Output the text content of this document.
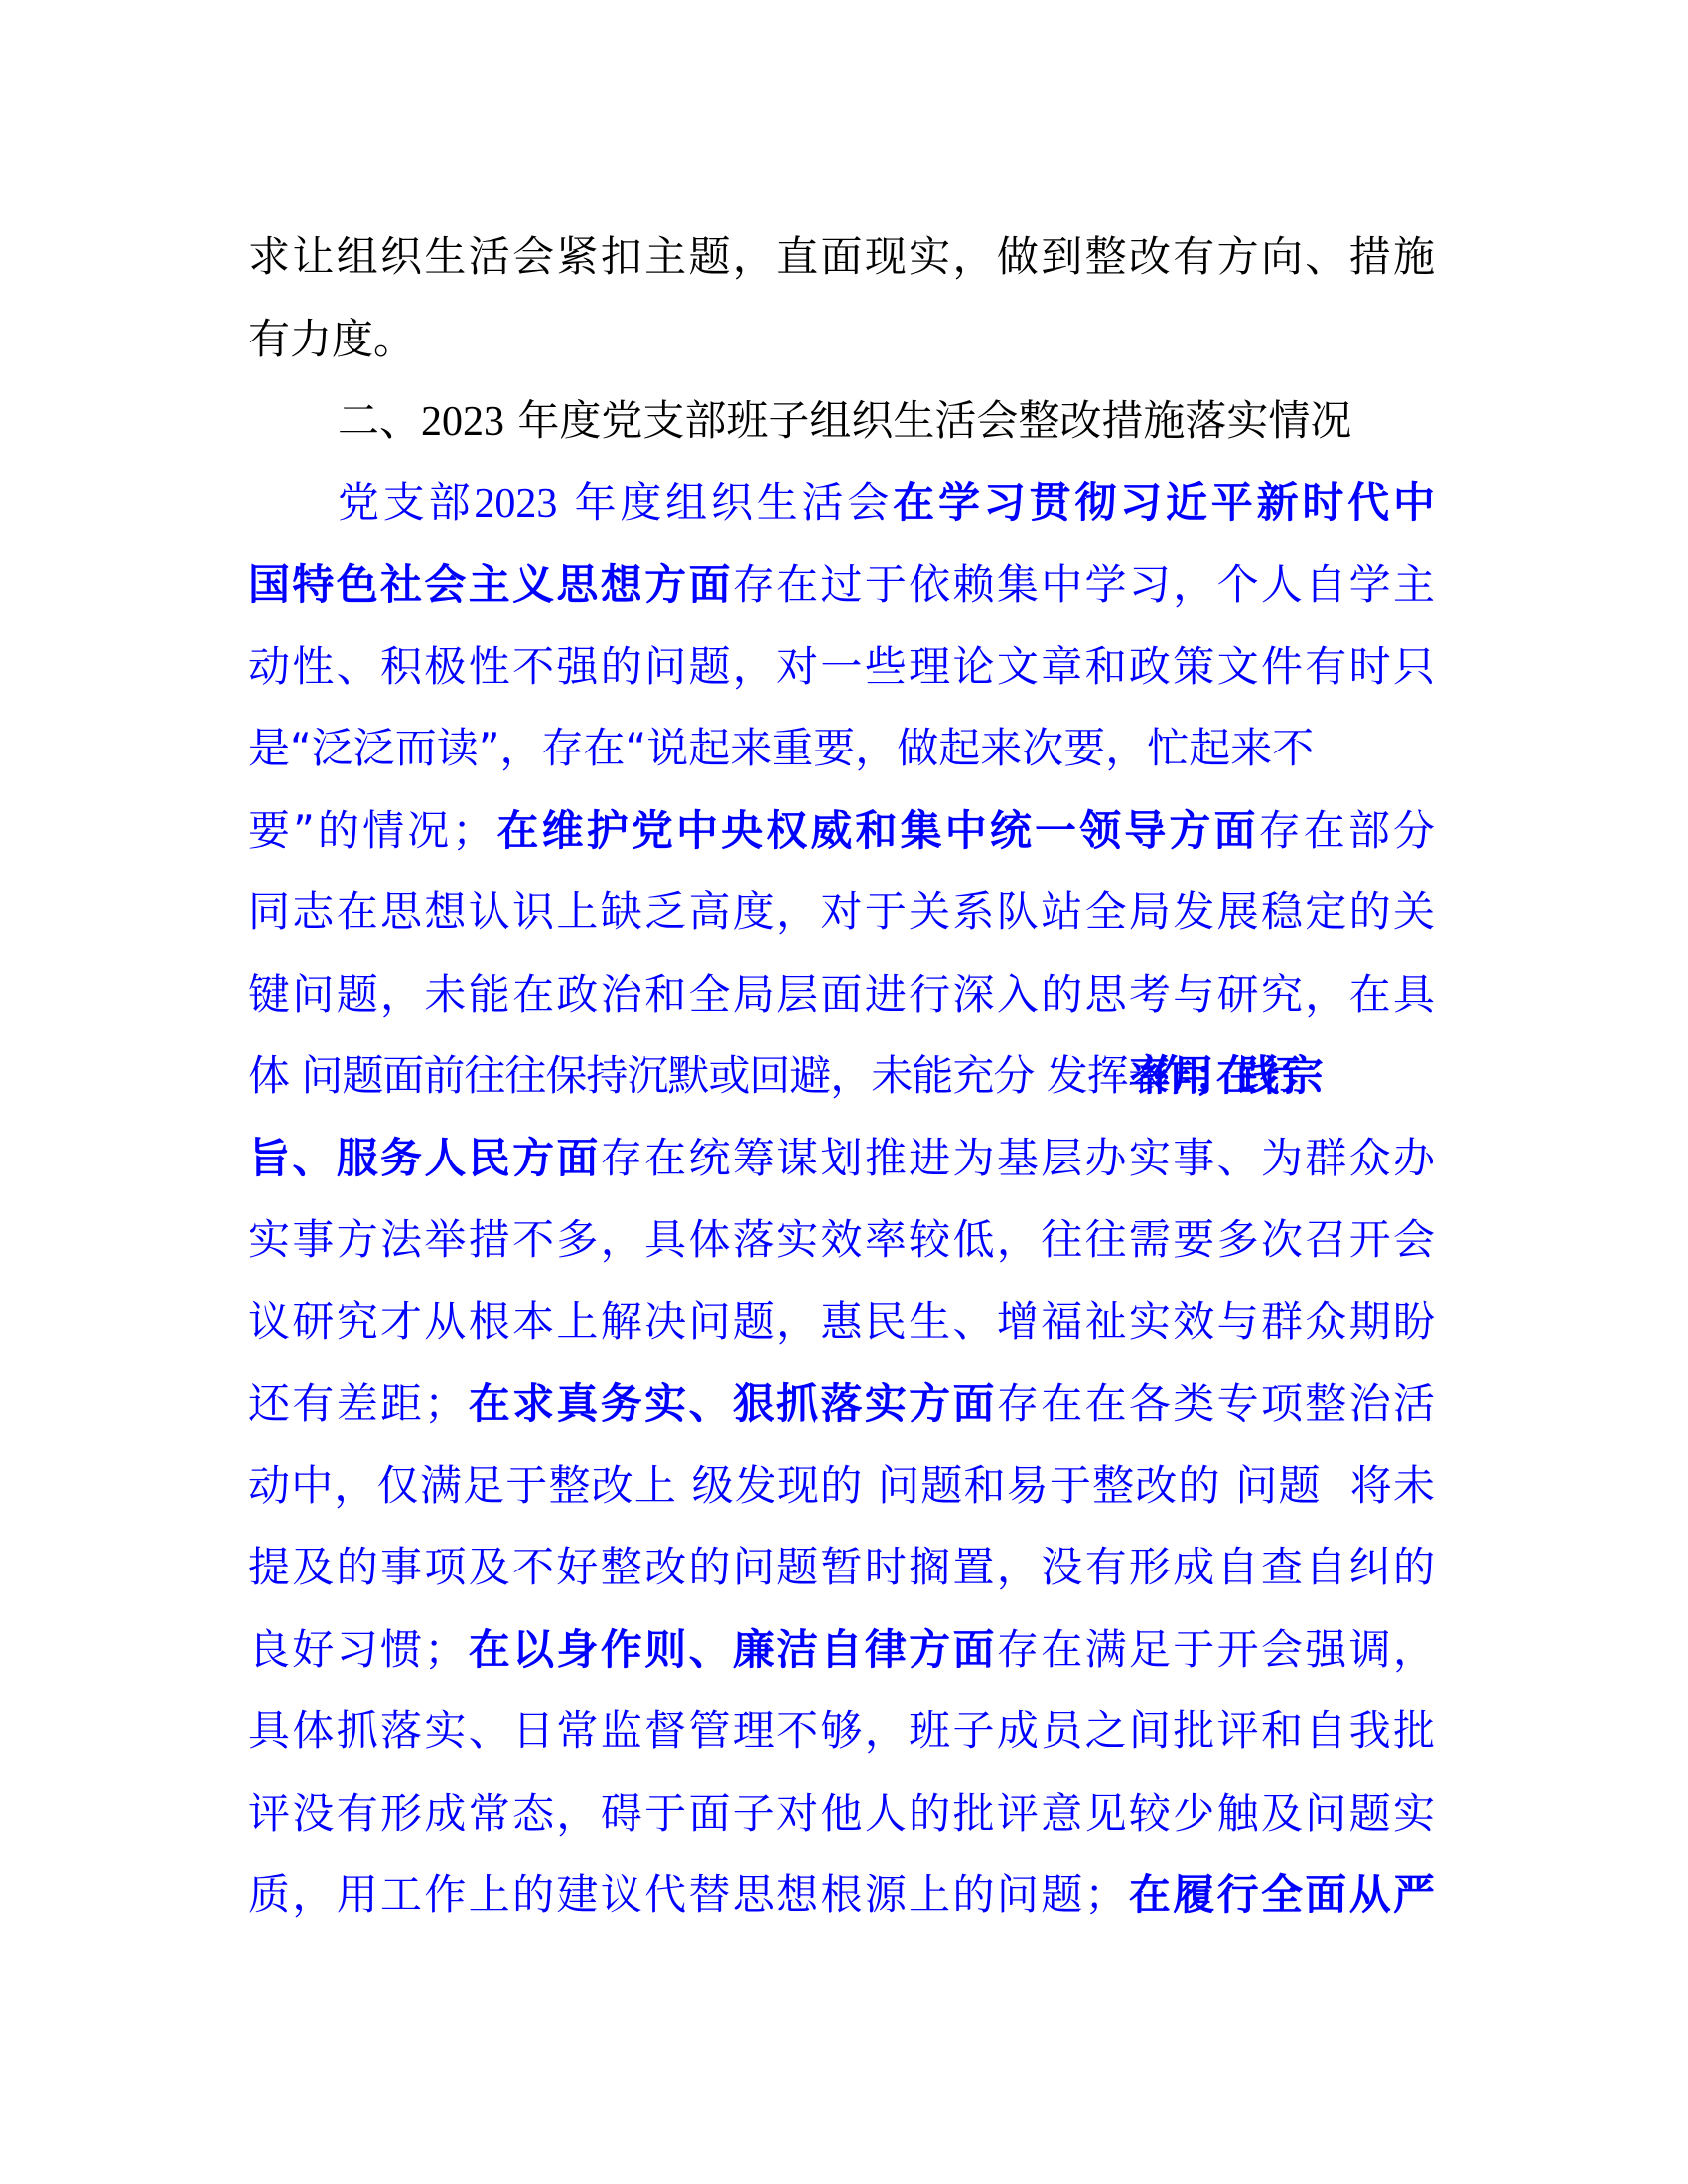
求让组织生活会紧扣主题，直面现实，做到整改有方向、措施
有力度。
二、2023 年度党支部班子组织生活会整改措施落实情况
党支部2023 年度组织生活会在学习贯彻习近平新时代中
国特色社会主义思想方面存在过于依赖集中学习，个人自学主
动性、积极性不强的问题，对一些理论文章和政策文件有时只
是“泛泛而读”，存在“说起来重要，做起来次要，忙起来不
要”的情况；在维护党中央权威和集中统一领导方面存在部分
同志在思想认识上缺乏高度，对于关系队站全局发展稳定的关
键问题，未能在政治和全局层面进行深入的思考与研究，在具
体 问题面前往往保持沉默或回避，未能充分 发挥表率作用；在践行宗
旨、服务人民方面存在统筹谋划推进为基层办实事、为群众办
实事方法举措不多，具体落实效率较低，往往需要多次召开会
议研究才从根本上解决问题，惠民生、增福祉实效与群众期盼
还有差距；在求真务实、狠抓落实方面存在在各类专项整治活
动中，仅满足于整改上 级发现的 问题和易于整改的 问题  将未
提及的事项及不好整改的问题暂时搁置，没有形成自查自纠的
良好习惯；在以身作则、廉洁自律方面存在满足于开会强调，
具体抓落实、日常监督管理不够，班子成员之间批评和自我批
评没有形成常态，碍于面子对他人的批评意见较少触及问题实
质，用工作上的建议代替思想根源上的问题；在履行全面从严
